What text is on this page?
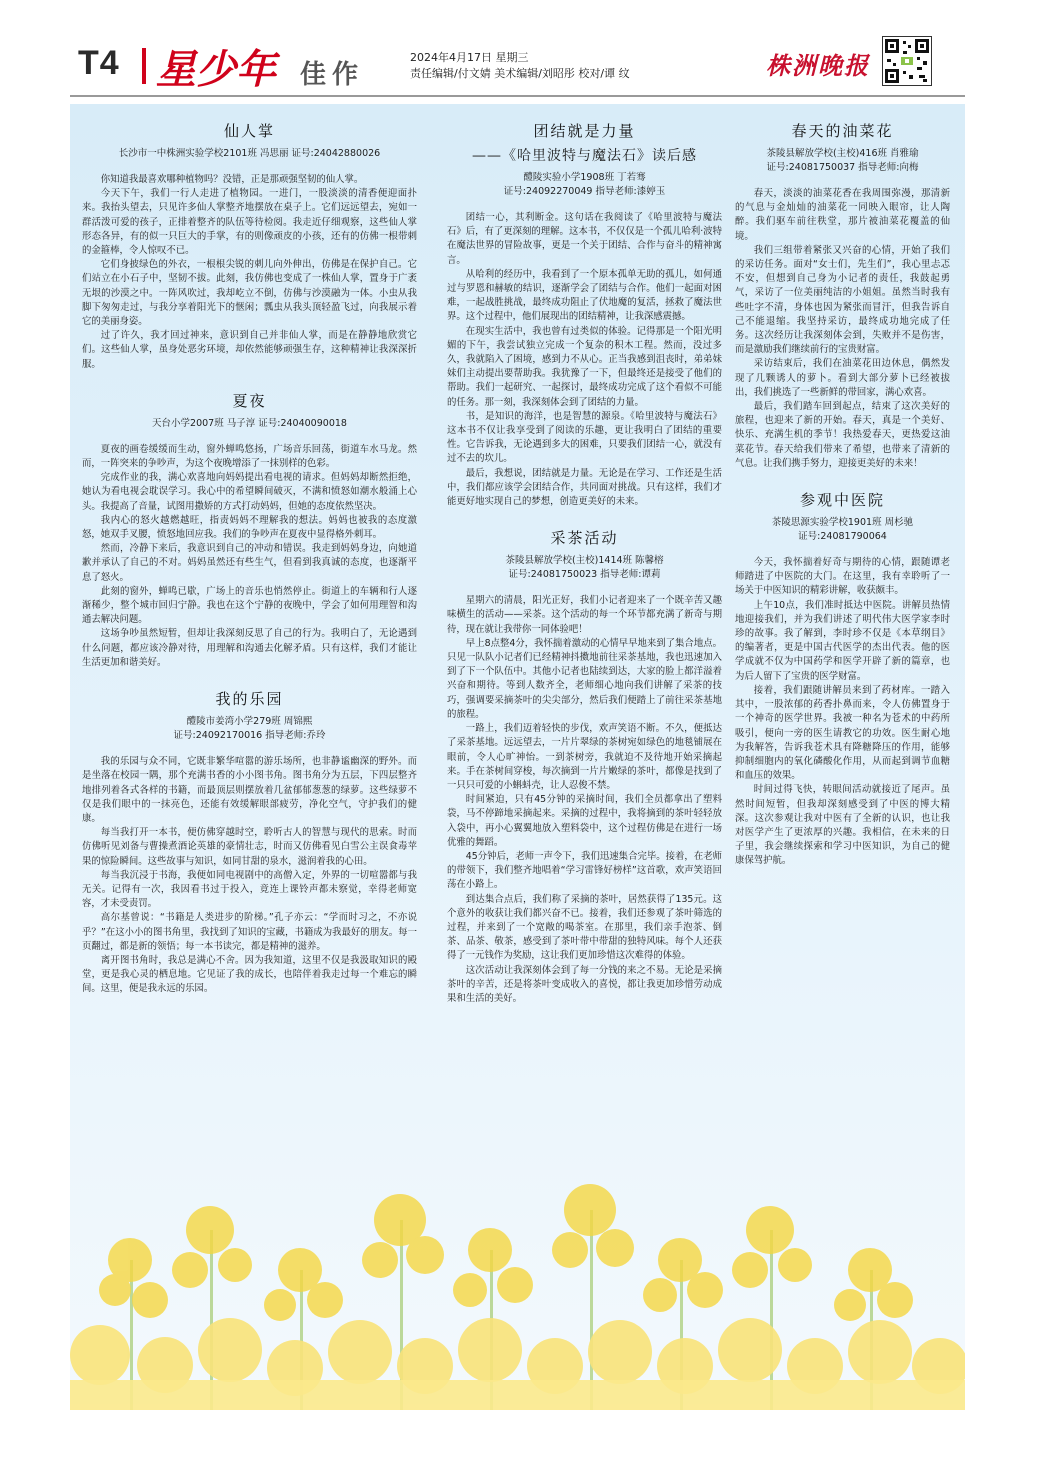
T4 星少年 佳作
2024年4月17日 星期三
责任编辑/付文婧 美术编辑/刘昭彤 校对/谭 纹	株洲晚报
仙人掌
长沙市一中株洲实验学校2101班 冯思丽 证号:24042880026

你知道我最喜欢哪种植物吗？没错，正是那顽强坚韧的仙人掌。

今天下午，我们一行人走进了植物园。一进门，一股淡淡的清香便迎面扑来。我抬头望去，只见许多仙人掌整齐地摆放在桌子上。它们远远望去，宛如一群活泼可爱的孩子，正排着整齐的队伍等待检阅。我走近仔细观察，这些仙人掌形态各异，有的似一只巨大的手掌，有的则像顽皮的小孩，还有的仿佛一根带刺的金箍棒，令人惊叹不已。

它们身披绿色的外衣，一根根尖锐的刺儿向外伸出，仿佛是在保护自己。它们站立在小石子中，坚韧不拔。此刻，我仿佛也变成了一株仙人掌，置身于广袤无垠的沙漠之中。一阵风吹过，我却屹立不倒，仿佛与沙漠融为一体。小虫从我脚下匆匆走过，与我分享着阳光下的惬闲；瓢虫从我头顶轻盈飞过，向我展示着它的美丽身姿。

过了许久，我才回过神来，意识到自己并非仙人掌，而是在静静地欣赏它们。这些仙人掌，虽身处恶劣环境，却依然能够顽强生存，这种精神让我深深折服。

夏夜
天台小学2007班 马子淳 证号:24040090018

夏夜的画卷缓缓而生动，窗外蝉鸣悠扬，广场音乐回荡，街道车水马龙。然而，一阵突来的争吵声，为这个夜晚增添了一抹别样的色彩。

完成作业的我，满心欢喜地向妈妈提出看电视的请求。但妈妈却断然拒绝，她认为看电视会耽误学习。我心中的希望瞬间破灭，不满和愤怒如潮水般涌上心头。我提高了音量，试图用撒娇的方式打动妈妈，但她的态度依然坚决。

我内心的怒火越燃越旺，指责妈妈不理解我的想法。妈妈也被我的态度激怒，她双手叉腰，愤怒地回应我。我们的争吵声在夏夜中显得格外刺耳。

然而，冷静下来后，我意识到自己的冲动和错误。我走到妈妈身边，向她道歉并承认了自己的不对。妈妈虽然还有些生气，但看到我真诚的态度，也逐渐平息了怒火。

此刻的窗外，蝉鸣已歇，广场上的音乐也悄然停止。街道上的车辆和行人逐渐稀少，整个城市回归宁静。我也在这个宁静的夜晚中，学会了如何用理智和沟通去解决问题。

这场争吵虽然短暂，但却让我深刻反思了自己的行为。我明白了，无论遇到什么问题，都应该冷静对待，用理解和沟通去化解矛盾。只有这样，我们才能让生活更加和谐美好。

我的乐园
醴陵市姜湾小学279班 周锦熙
证号:24092170016 指导老师:乔玲

我的乐园与众不同，它既非繁华喧嚣的游乐场所，也非静谧幽深的野外。而是坐落在校园一隅，那个充满书香的小小图书角。图书角分为五层，下四层整齐地排列着各式各样的书籍，而最顶层则摆放着几盆郁郁葱葱的绿萝。这些绿萝不仅是我们眼中的一抹亮色，还能有效缓解眼部疲劳，净化空气，守护我们的健康。

每当我打开一本书，便仿佛穿越时空，聆听古人的智慧与现代的思索。时而仿佛听见刘备与曹操煮酒论英雄的豪情壮志，时而又仿佛看见白雪公主误食毒苹果的惊险瞬间。这些故事与知识，如同甘甜的泉水，滋润着我的心田。

每当我沉浸于书海，我便如同电视剧中的高僧入定，外界的一切喧嚣都与我无关。记得有一次，我因看书过于投入，竟连上课铃声都未察觉，幸得老师宽容，才未受责罚。

高尔基曾说：“书籍是人类进步的阶梯。”孔子亦云：“学而时习之，不亦说乎？”在这小小的图书角里，我找到了知识的宝藏，书籍成为我最好的朋友。每一页翻过，都是新的领悟；每一本书读完，都是精神的滋养。

离开图书角时，我总是满心不舍。因为我知道，这里不仅是我汲取知识的殿堂，更是我心灵的栖息地。它见证了我的成长，也陪伴着我走过每一个难忘的瞬间。这里，便是我永远的乐园。

团结就是力量
——《哈里波特与魔法石》读后感
醴陵实验小学1908班 丁若骞
证号:24092270049 指导老师:漆婷玉

团结一心，其利断金。这句话在我阅读了《哈里波特与魔法石》后，有了更深刻的理解。这本书，不仅仅是一个孤儿哈利·波特在魔法世界的冒险故事，更是一个关于团结、合作与奋斗的精神寓言。

从哈利的经历中，我看到了一个原本孤单无助的孤儿，如何通过与罗恩和赫敏的结识，逐渐学会了团结与合作。他们一起面对困难，一起战胜挑战，最终成功阻止了伏地魔的复活，拯救了魔法世界。这个过程中，他们展现出的团结精神，让我深感震撼。

在现实生活中，我也曾有过类似的体验。记得那是一个阳光明媚的下午，我尝试独立完成一个复杂的积木工程。然而，没过多久，我就陷入了困境，感到力不从心。正当我感到沮丧时，弟弟妹妹们主动提出要帮助我。我犹豫了一下，但最终还是接受了他们的帮助。我们一起研究、一起探讨，最终成功完成了这个看似不可能的任务。那一刻，我深刻体会到了团结的力量。

书，是知识的海洋，也是智慧的源泉。《哈里波特与魔法石》这本书不仅让我享受到了阅读的乐趣，更让我明白了团结的重要性。它告诉我，无论遇到多大的困难，只要我们团结一心，就没有过不去的坎儿。

最后，我想说，团结就是力量。无论是在学习、工作还是生活中，我们都应该学会团结合作，共同面对挑战。只有这样，我们才能更好地实现自己的梦想，创造更美好的未来。

采茶活动
茶陵县解放学校(主校)1414班 陈馨榕
证号:24081750023 指导老师:谭莉

星期六的清晨，阳光正好，我们小记者迎来了一个既辛苦又趣味横生的活动——采茶。这个活动的每一个环节都充满了新奇与期待，现在就让我带你一同体验吧！

早上8点整4分，我怀揣着激动的心情早早地来到了集合地点。只见一队队小记者们已经精神抖擞地前往采茶基地，我也迅速加入到了下一个队伍中。其他小记者也陆续到达，大家的脸上都洋溢着兴奋和期待。等到人数齐全，老师细心地向我们讲解了采茶的技巧，强调要采摘茶叶的尖尖部分，然后我们便踏上了前往采茶基地的旅程。

一路上，我们迈着轻快的步伐，欢声笑语不断。不久，便抵达了采茶基地。远远望去，一片片翠绿的茶树宛如绿色的地毯铺展在眼前，令人心旷神怡。一到茶树旁，我就迫不及待地开始采摘起来。手在茶树间穿梭，每次摘到一片片嫩绿的茶叶，都像是找到了一只只可爱的小蝌蚪壳，让人忍俊不禁。

时间紧迫，只有45分钟的采摘时间，我们全员都拿出了塑料袋，马不停蹄地采摘起来。采摘的过程中，我将摘到的茶叶轻轻放入袋中，再小心翼翼地放入塑料袋中，这个过程仿佛是在进行一场优雅的舞蹈。

45分钟后，老师一声令下，我们迅速集合完毕。接着，在老师的带领下，我们整齐地唱着“学习雷锋好榜样”这首歌，欢声笑语回荡在小路上。

到达集合点后，我们称了采摘的茶叶，居然获得了135元。这个意外的收获让我们都兴奋不已。接着，我们还参观了茶叶筛选的过程，并来到了一个宽敞的喝茶室。在那里，我们亲手泡茶、倒茶、品茶、敬茶，感受到了茶叶带中带甜的独特风味。每个人还获得了一元钱作为奖励，这让我们更加珍惜这次难得的体验。

这次活动让我深刻体会到了每一分钱的来之不易。无论是采摘茶叶的辛苦，还是将茶叶变成收入的喜悦，都让我更加珍惜劳动成果和生活的美好。

春天的油菜花
茶陵县解放学校(主校)416班 肖雅瑜
证号:24081750037 指导老师:向梅

春天，淡淡的油菜花香在我周围弥漫，那清新的气息与金灿灿的油菜花一同映入眼帘，让人陶醉。我们驱车前往秩堂，那片被油菜花覆盖的仙境。

我们三组带着紧张又兴奋的心情，开始了我们的采访任务。面对“女士们，先生们”，我心里忐忑不安，但想到自己身为小记者的责任，我鼓起勇气，采访了一位美丽纯洁的小姐姐。虽然当时我有些吐字不清，身体也因为紧张而冒汗，但我告诉自己不能退缩。我坚持采访，最终成功地完成了任务。这次经历让我深刻体会到，失败并不是伤害，而是激励我们继续前行的宝贵财富。

采访结束后，我们在油菜花田边休息，偶然发现了几颗诱人的萝卜。看到大部分萝卜已经被拔出，我们挑选了一些新鲜的带回家，满心欢喜。

最后，我们踏车回到起点，结束了这次美好的旅程，也迎来了新的开始。春天，真是一个美好、快乐、充满生机的季节！我热爱春天，更热爱这油菜花节。春天给我们带来了希望，也带来了清新的气息。让我们携手努力，迎接更美好的未来！

参观中医院
茶陵思源实验学校1901班 周杉驰
证号:24081790064

今天，我怀揣着好奇与期待的心情，跟随谭老师踏进了中医院的大门。在这里，我有幸聆听了一场关于中医知识的精彩讲解，收获颇丰。

上午10点，我们准时抵达中医院。讲解员热情地迎接我们，并为我们讲述了明代伟大医学家李时珍的故事。我了解到，李时珍不仅是《本草纲目》的编著者，更是中国古代医学的杰出代表。他的医学成就不仅为中国药学和医学开辟了新的篇章，也为后人留下了宝贵的医学财富。

接着，我们跟随讲解员来到了药材库。一踏入其中，一股浓郁的药香扑鼻而来，令人仿佛置身于一个神奇的医学世界。我被一种名为苍术的中药所吸引，便向一旁的医生请教它的功效。医生耐心地为我解答，告诉我苍术具有降糖降压的作用，能够抑制细胞内的氧化磷酸化作用，从而起到调节血糖和血压的效果。

时间过得飞快，转眼间活动就接近了尾声。虽然时间短暂，但我却深刻感受到了中医的博大精深。这次参观让我对中医有了全新的认识，也让我对医学产生了更浓厚的兴趣。我相信，在未来的日子里，我会继续探索和学习中医知识，为自己的健康保驾护航。
